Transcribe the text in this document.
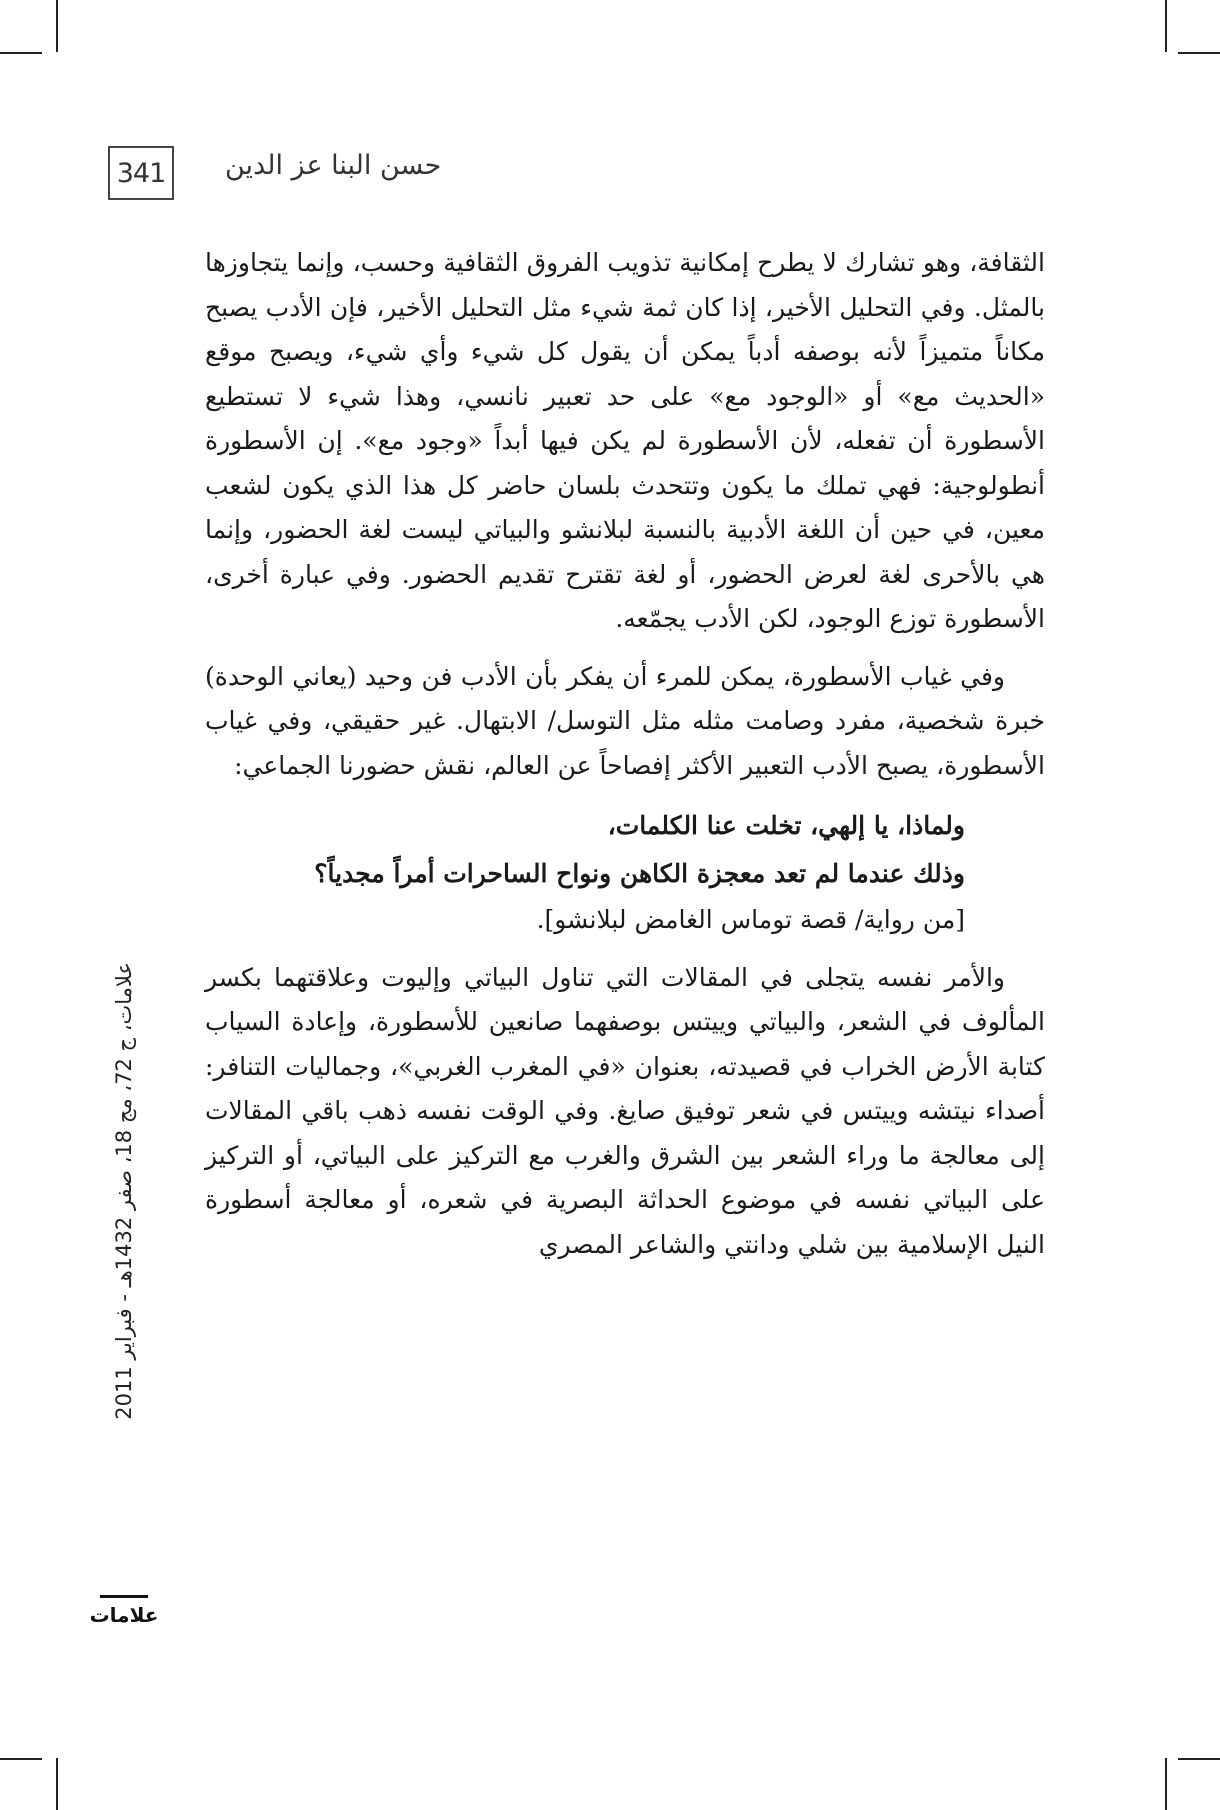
341	حسن البنا عز الدين

الثقافة، وهو تشارك لا يطرح إمكانية تذويب الفروق الثقافية وحسب، وإنما يتجاوزها بالمثل. وفي التحليل الأخير، إذا كان ثمة شيء مثل التحليل الأخير، فإن الأدب يصبح مكاناً متميزاً لأنه بوصفه أدباً يمكن أن يقول كل شيء وأي شيء، ويصبح موقع «الحديث مع» أو «الوجود مع» على حد تعبير نانسي، وهذا شيء لا تستطيع الأسطورة أن تفعله، لأن الأسطورة لم يكن فيها أبداً «وجود مع». إن الأسطورة أنطولوجية: فهي تملك ما يكون وتتحدث بلسان حاضر كل هذا الذي يكون لشعب معين، في حين أن اللغة الأدبية بالنسبة لبلانشو والبياتي ليست لغة الحضور، وإنما هي بالأحرى لغة لعرض الحضور، أو لغة تقترح تقديم الحضور. وفي عبارة أخرى، الأسطورة توزع الوجود، لكن الأدب يجمّعه.

وفي غياب الأسطورة، يمكن للمرء أن يفكر بأن الأدب فن وحيد (يعاني الوحدة) خبرة شخصية، مفرد وصامت مثله مثل التوسل/ الابتهال. غير حقيقي، وفي غياب الأسطورة، يصبح الأدب التعبير الأكثر إفصاحاً عن العالم، نقش حضورنا الجماعي:

ولماذا، يا إلهي، تخلت عنا الكلمات،
وذلك عندما لم تعد معجزة الكاهن ونواح الساحرات أمراً مجدياً؟

[من رواية/ قصة توماس الغامض لبلانشو].

والأمر نفسه يتجلى في المقالات التي تناول البياتي وإليوت وعلاقتهما بكسر المألوف في الشعر، والبياتي وييتس بوصفهما صانعين للأسطورة، وإعادة السياب كتابة الأرض الخراب في قصيدته، بعنوان «في المغرب الغربي»، وجماليات التنافر: أصداء نيتشه وييتس في شعر توفيق صايغ. وفي الوقت نفسه ذهب باقي المقالات إلى معالجة ما وراء الشعر بين الشرق والغرب مع التركيز على البياتي، أو التركيز على البياتي نفسه في موضوع الحداثة البصرية في شعره، أو معالجة أسطورة النيل الإسلامية بين شلي ودانتي والشاعر المصري

علامات، ج 72، مج 18، صفر 1432هـ - فبراير 2011
علامات
